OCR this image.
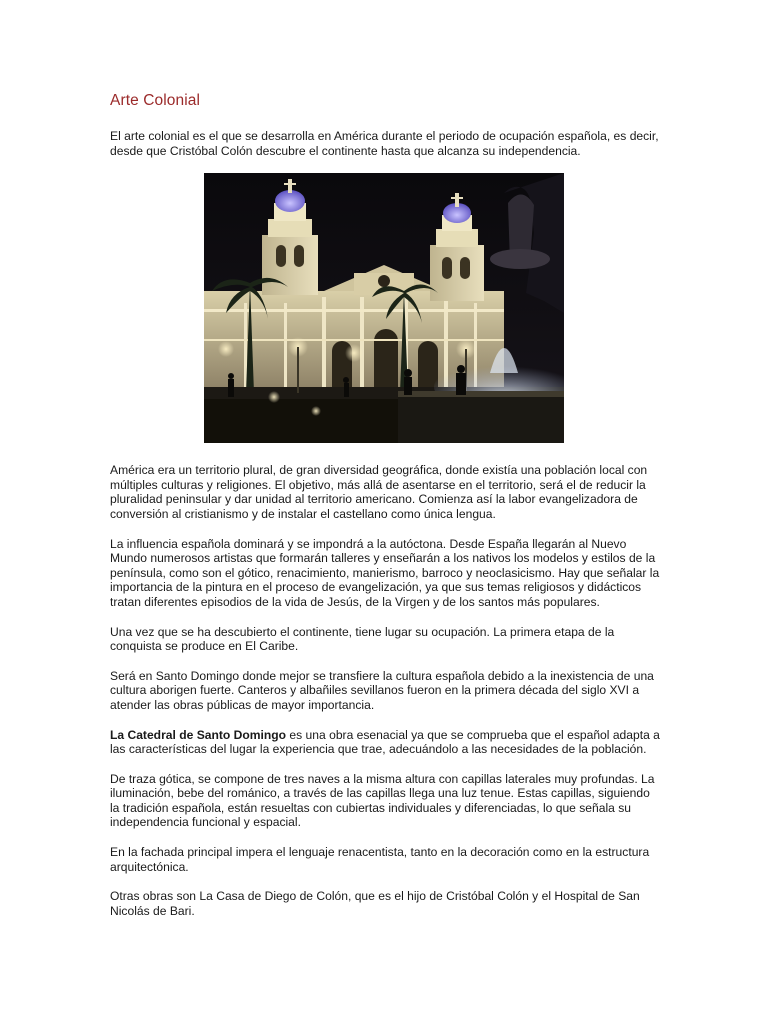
Arte Colonial

El arte colonial es el que se desarrolla en América durante el periodo de ocupación española, es decir, desde que Cristóbal Colón descubre el continente hasta que alcanza su independencia.

América era un territorio plural, de gran diversidad geográfica, donde existía una población local con múltiples culturas y religiones. El objetivo, más allá de asentarse en el territorio, será el de reducir la pluralidad peninsular y dar unidad al territorio americano. Comienza así la labor evangelizadora de conversión al cristianismo y de instalar el castellano como única lengua.

La influencia española dominará y se impondrá a la autóctona. Desde España llegarán al Nuevo Mundo numerosos artistas que formarán talleres y enseñarán a los nativos los modelos y estilos de la península, como son el gótico, renacimiento, manierismo, barroco y neoclasicismo. Hay que señalar la importancia de la pintura en el proceso de evangelización, ya que sus temas religiosos y didácticos tratan diferentes episodios de la vida de Jesús, de la Virgen y de los santos más populares.

Una vez que se ha descubierto el continente, tiene lugar su ocupación. La primera etapa de la conquista se produce en El Caribe.

Será en Santo Domingo donde mejor se transfiere la cultura española debido a la inexistencia de una cultura aborigen fuerte. Canteros y albañiles sevillanos fueron en la primera década del siglo XVI a atender las obras públicas de mayor importancia.

La Catedral de Santo Domingo es una obra esenacial ya que se comprueba que el español adapta a las características del lugar la experiencia que trae, adecuándolo a las necesidades de la población.

De traza gótica, se compone de tres naves a la misma altura con capillas laterales muy profundas. La iluminación, bebe del románico, a través de las capillas llega una luz tenue. Estas capillas, siguiendo la tradición española, están resueltas con cubiertas individuales y diferenciadas, lo que señala su independencia funcional y espacial.

En la fachada principal impera el lenguaje renacentista, tanto en la decoración como en la estructura arquitectónica.

Otras obras son La Casa de Diego de Colón, que es el hijo de Cristóbal Colón y el Hospital de San Nicolás de Bari.
